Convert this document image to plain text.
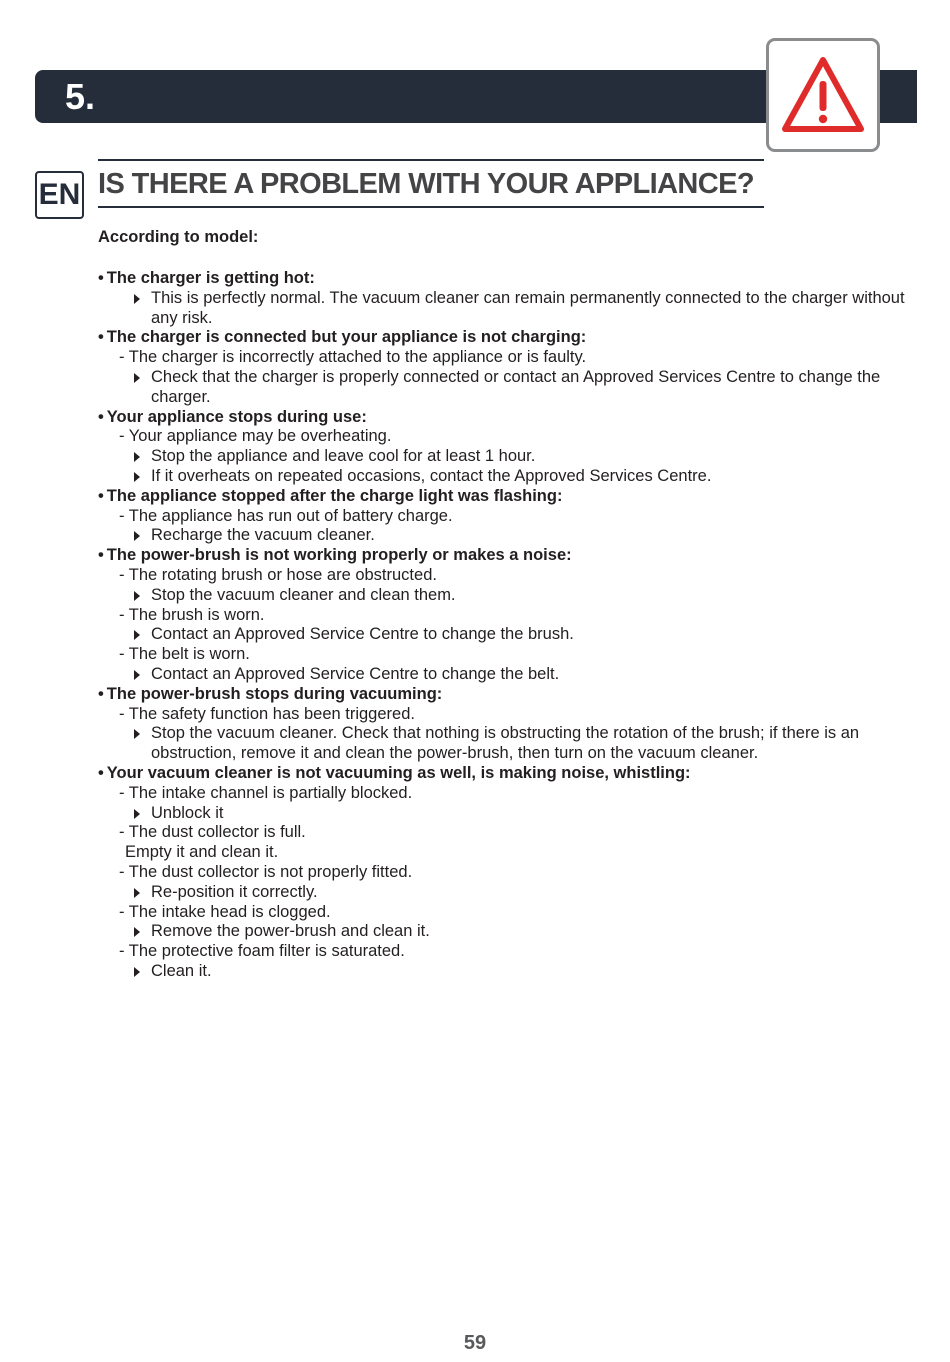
5.
EN IS THERE A PROBLEM WITH YOUR APPLIANCE?
According to model:
• The charger is getting hot:
This is perfectly normal. The vacuum cleaner can remain permanently connected to the charger without any risk.
• The charger is connected but your appliance is not charging:
- The charger is incorrectly attached to the appliance or is faulty.
Check that the charger is properly connected or contact an Approved Services Centre to change the charger.
• Your appliance stops during use:
- Your appliance may be overheating.
Stop the appliance and leave cool for at least 1 hour.
If it overheats on repeated occasions, contact the Approved Services Centre.
• The appliance stopped after the charge light was flashing:
- The appliance has run out of battery charge.
Recharge the vacuum cleaner.
• The power-brush is not working properly or makes a noise:
- The rotating brush or hose are obstructed.
Stop the vacuum cleaner and clean them.
- The brush is worn.
Contact an Approved Service Centre to change the brush.
- The belt is worn.
Contact an Approved Service Centre to change the belt.
• The power-brush stops during vacuuming:
- The safety function has been triggered.
Stop the vacuum cleaner. Check that nothing is obstructing the rotation of the brush; if there is an obstruction, remove it and clean the power-brush, then turn on the vacuum cleaner.
• Your vacuum cleaner is not vacuuming as well, is making noise, whistling:
- The intake channel is partially blocked.
Unblock it
- The dust collector is full.
Empty it and clean it.
- The dust collector is not properly fitted.
Re-position it correctly.
- The intake head is clogged.
Remove the power-brush and clean it.
- The protective foam filter is saturated.
Clean it.
59
